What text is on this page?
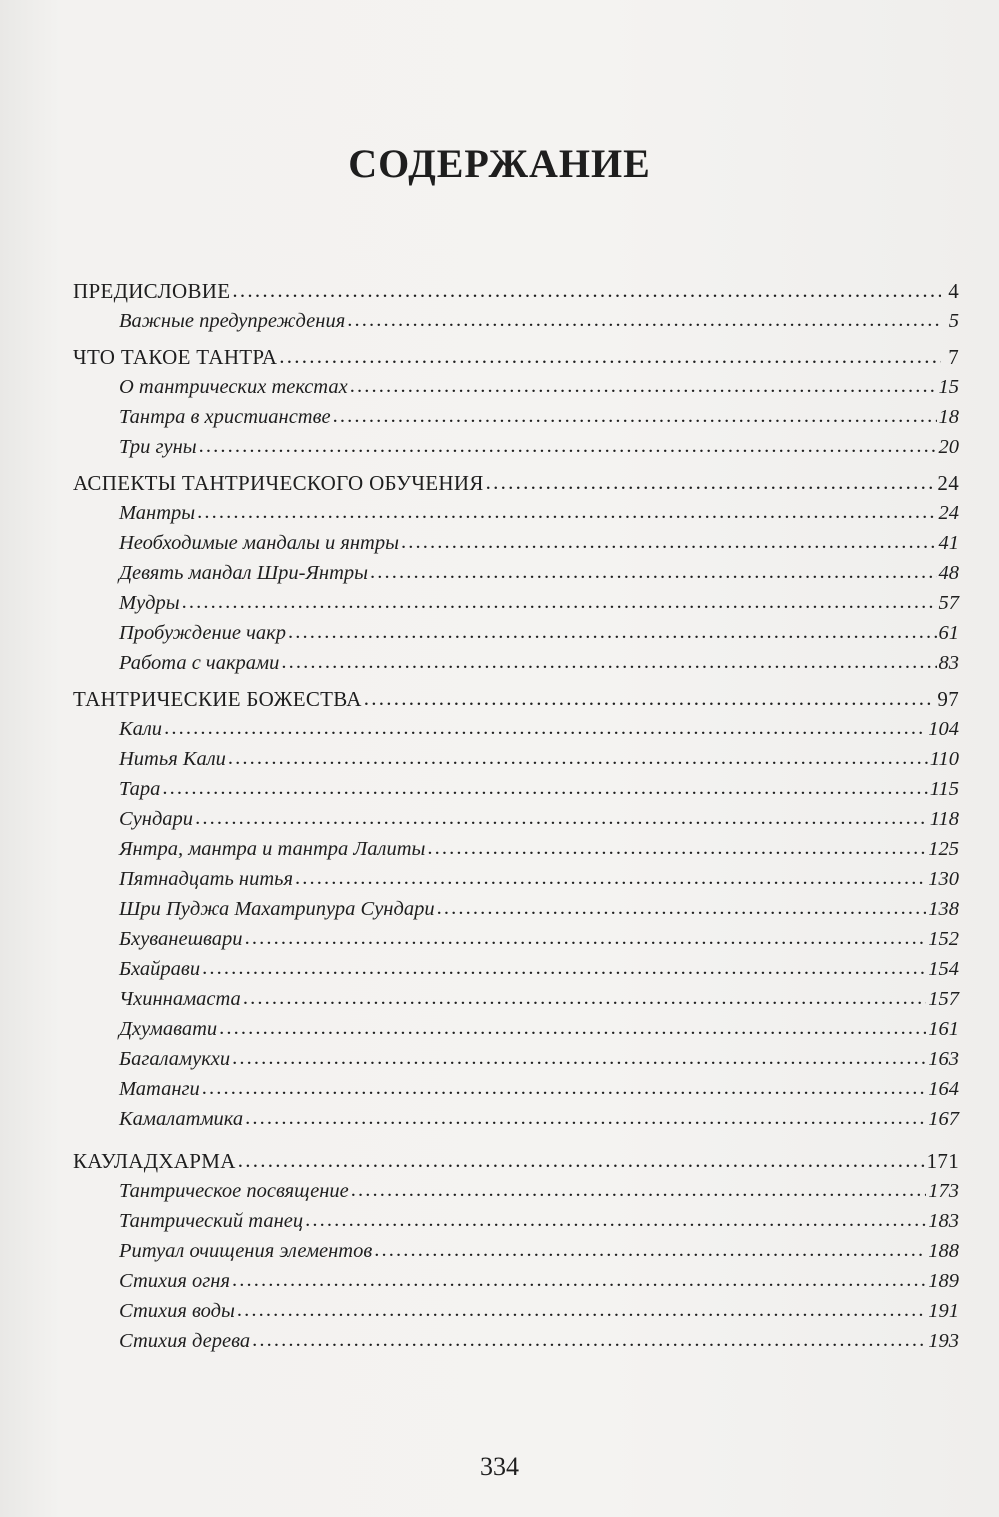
СОДЕРЖАНИЕ
ПРЕДИСЛОВИЕ . . .	4
Важные предупреждения . . .	5
ЧТО ТАКОЕ ТАНТРА . . .	7
О тантрических текстах . . .	15
Тантра в христианстве . . .	18
Три гуны . . .	20
АСПЕКТЫ ТАНТРИЧЕСКОГО ОБУЧЕНИЯ . . .	24
Мантры . . .	24
Необходимые мандалы и янтры . . .	41
Девять мандал Шри-Янтры . . .	48
Мудры . . .	57
Пробуждение чакр . . .	61
Работа с чакрами . . .	83
ТАНТРИЧЕСКИЕ БОЖЕСТВА . . .	97
Кали . . .	104
Нитья Кали . . .	110
Тара . . .	115
Сундари . . .	118
Янтра, мантра и тантра Лалиты . . .	125
Пятнадцать нитья . . .	130
Шри Пуджа Махатрипура Сундари . . .	138
Бхуванешвари . . .	152
Бхайрави . . .	154
Чхиннамаста . . .	157
Дхумавати . . .	161
Багаламукхи . . .	163
Матанги . . .	164
Камалатмика . . .	167
КАУЛАДХАРМА . . .	171
Тантрическое посвящение . . .	173
Тантрический танец . . .	183
Ритуал очищения элементов . . .	188
Стихия огня . . .	189
Стихия воды . . .	191
Стихия дерева . . .	193
334
